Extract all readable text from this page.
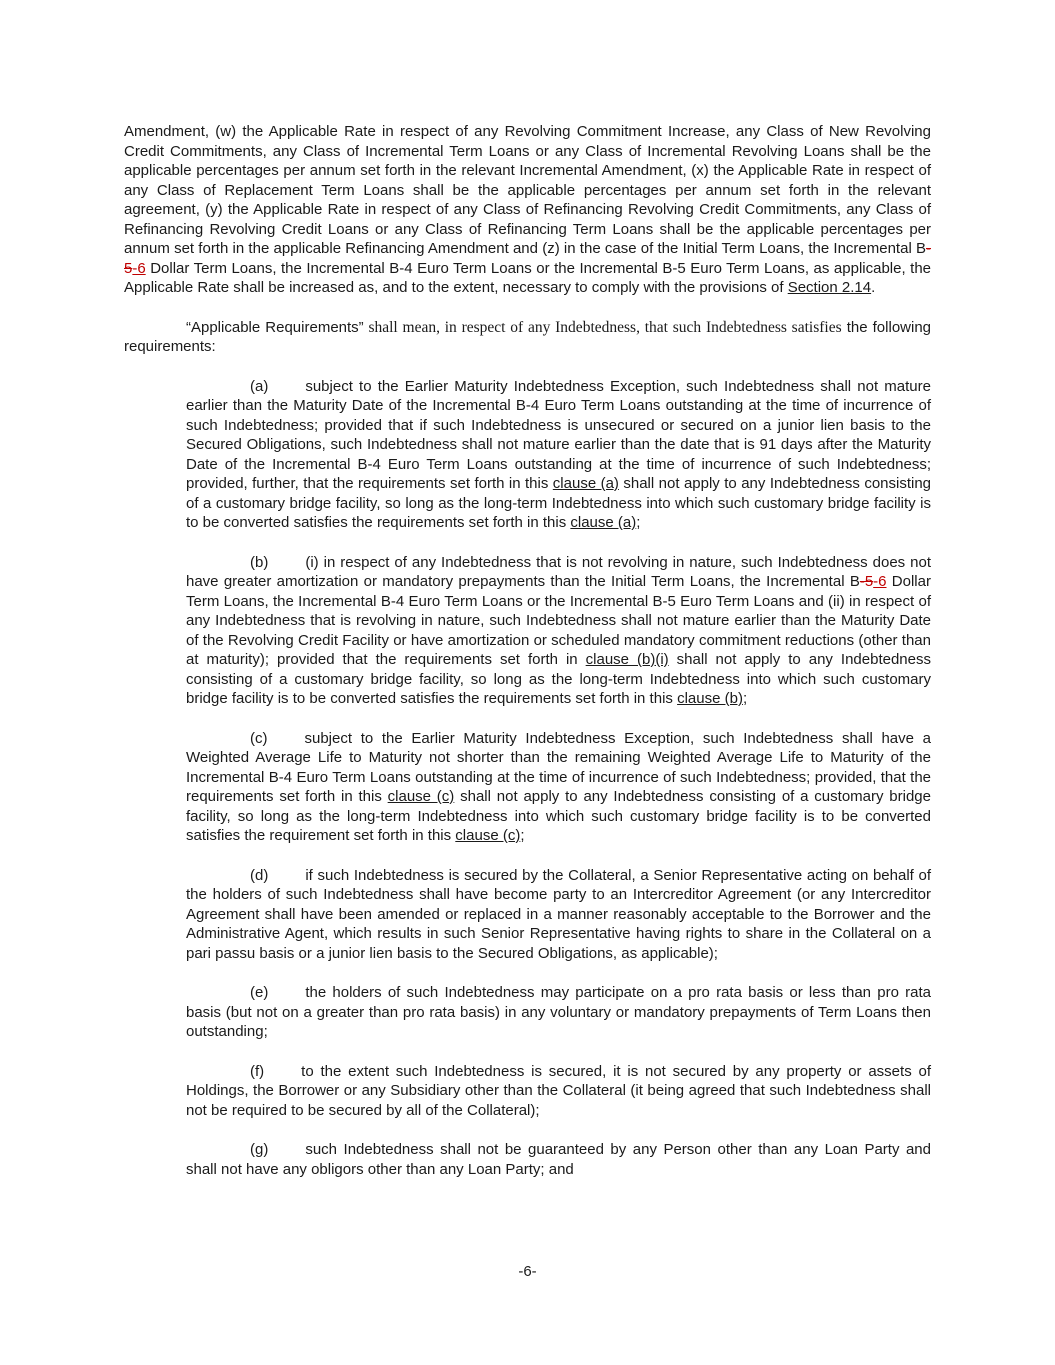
Amendment, (w) the Applicable Rate in respect of any Revolving Commitment Increase, any Class of New Revolving Credit Commitments, any Class of Incremental Term Loans or any Class of Incremental Revolving Loans shall be the applicable percentages per annum set forth in the relevant Incremental Amendment, (x) the Applicable Rate in respect of any Class of Replacement Term Loans shall be the applicable percentages per annum set forth in the relevant agreement, (y) the Applicable Rate in respect of any Class of Refinancing Revolving Credit Commitments, any Class of Refinancing Revolving Credit Loans or any Class of Refinancing Term Loans shall be the applicable percentages per annum set forth in the applicable Refinancing Amendment and (z) in the case of the Initial Term Loans, the Incremental B-5-6 Dollar Term Loans, the Incremental B-4 Euro Term Loans or the Incremental B-5 Euro Term Loans, as applicable, the Applicable Rate shall be increased as, and to the extent, necessary to comply with the provisions of Section 2.14.

“Applicable Requirements” shall mean, in respect of any Indebtedness, that such Indebtedness satisfies the following requirements:

(a) subject to the Earlier Maturity Indebtedness Exception, such Indebtedness shall not mature earlier than the Maturity Date of the Incremental B-4 Euro Term Loans outstanding at the time of incurrence of such Indebtedness; provided that if such Indebtedness is unsecured or secured on a junior lien basis to the Secured Obligations, such Indebtedness shall not mature earlier than the date that is 91 days after the Maturity Date of the Incremental B-4 Euro Term Loans outstanding at the time of incurrence of such Indebtedness; provided, further, that the requirements set forth in this clause (a) shall not apply to any Indebtedness consisting of a customary bridge facility, so long as the long-term Indebtedness into which such customary bridge facility is to be converted satisfies the requirements set forth in this clause (a);

(b) (i) in respect of any Indebtedness that is not revolving in nature, such Indebtedness does not have greater amortization or mandatory prepayments than the Initial Term Loans, the Incremental B-5-6 Dollar Term Loans, the Incremental B-4 Euro Term Loans or the Incremental B-5 Euro Term Loans and (ii) in respect of any Indebtedness that is revolving in nature, such Indebtedness shall not mature earlier than the Maturity Date of the Revolving Credit Facility or have amortization or scheduled mandatory commitment reductions (other than at maturity); provided that the requirements set forth in clause (b)(i) shall not apply to any Indebtedness consisting of a customary bridge facility, so long as the long-term Indebtedness into which such customary bridge facility is to be converted satisfies the requirements set forth in this clause (b);

(c) subject to the Earlier Maturity Indebtedness Exception, such Indebtedness shall have a Weighted Average Life to Maturity not shorter than the remaining Weighted Average Life to Maturity of the Incremental B-4 Euro Term Loans outstanding at the time of incurrence of such Indebtedness; provided, that the requirements set forth in this clause (c) shall not apply to any Indebtedness consisting of a customary bridge facility, so long as the long-term Indebtedness into which such customary bridge facility is to be converted satisfies the requirement set forth in this clause (c);

(d) if such Indebtedness is secured by the Collateral, a Senior Representative acting on behalf of the holders of such Indebtedness shall have become party to an Intercreditor Agreement (or any Intercreditor Agreement shall have been amended or replaced in a manner reasonably acceptable to the Borrower and the Administrative Agent, which results in such Senior Representative having rights to share in the Collateral on a pari passu basis or a junior lien basis to the Secured Obligations, as applicable);

(e) the holders of such Indebtedness may participate on a pro rata basis or less than pro rata basis (but not on a greater than pro rata basis) in any voluntary or mandatory prepayments of Term Loans then outstanding;

(f) to the extent such Indebtedness is secured, it is not secured by any property or assets of Holdings, the Borrower or any Subsidiary other than the Collateral (it being agreed that such Indebtedness shall not be required to be secured by all of the Collateral);

(g) such Indebtedness shall not be guaranteed by any Person other than any Loan Party and shall not have any obligors other than any Loan Party; and

-6-
